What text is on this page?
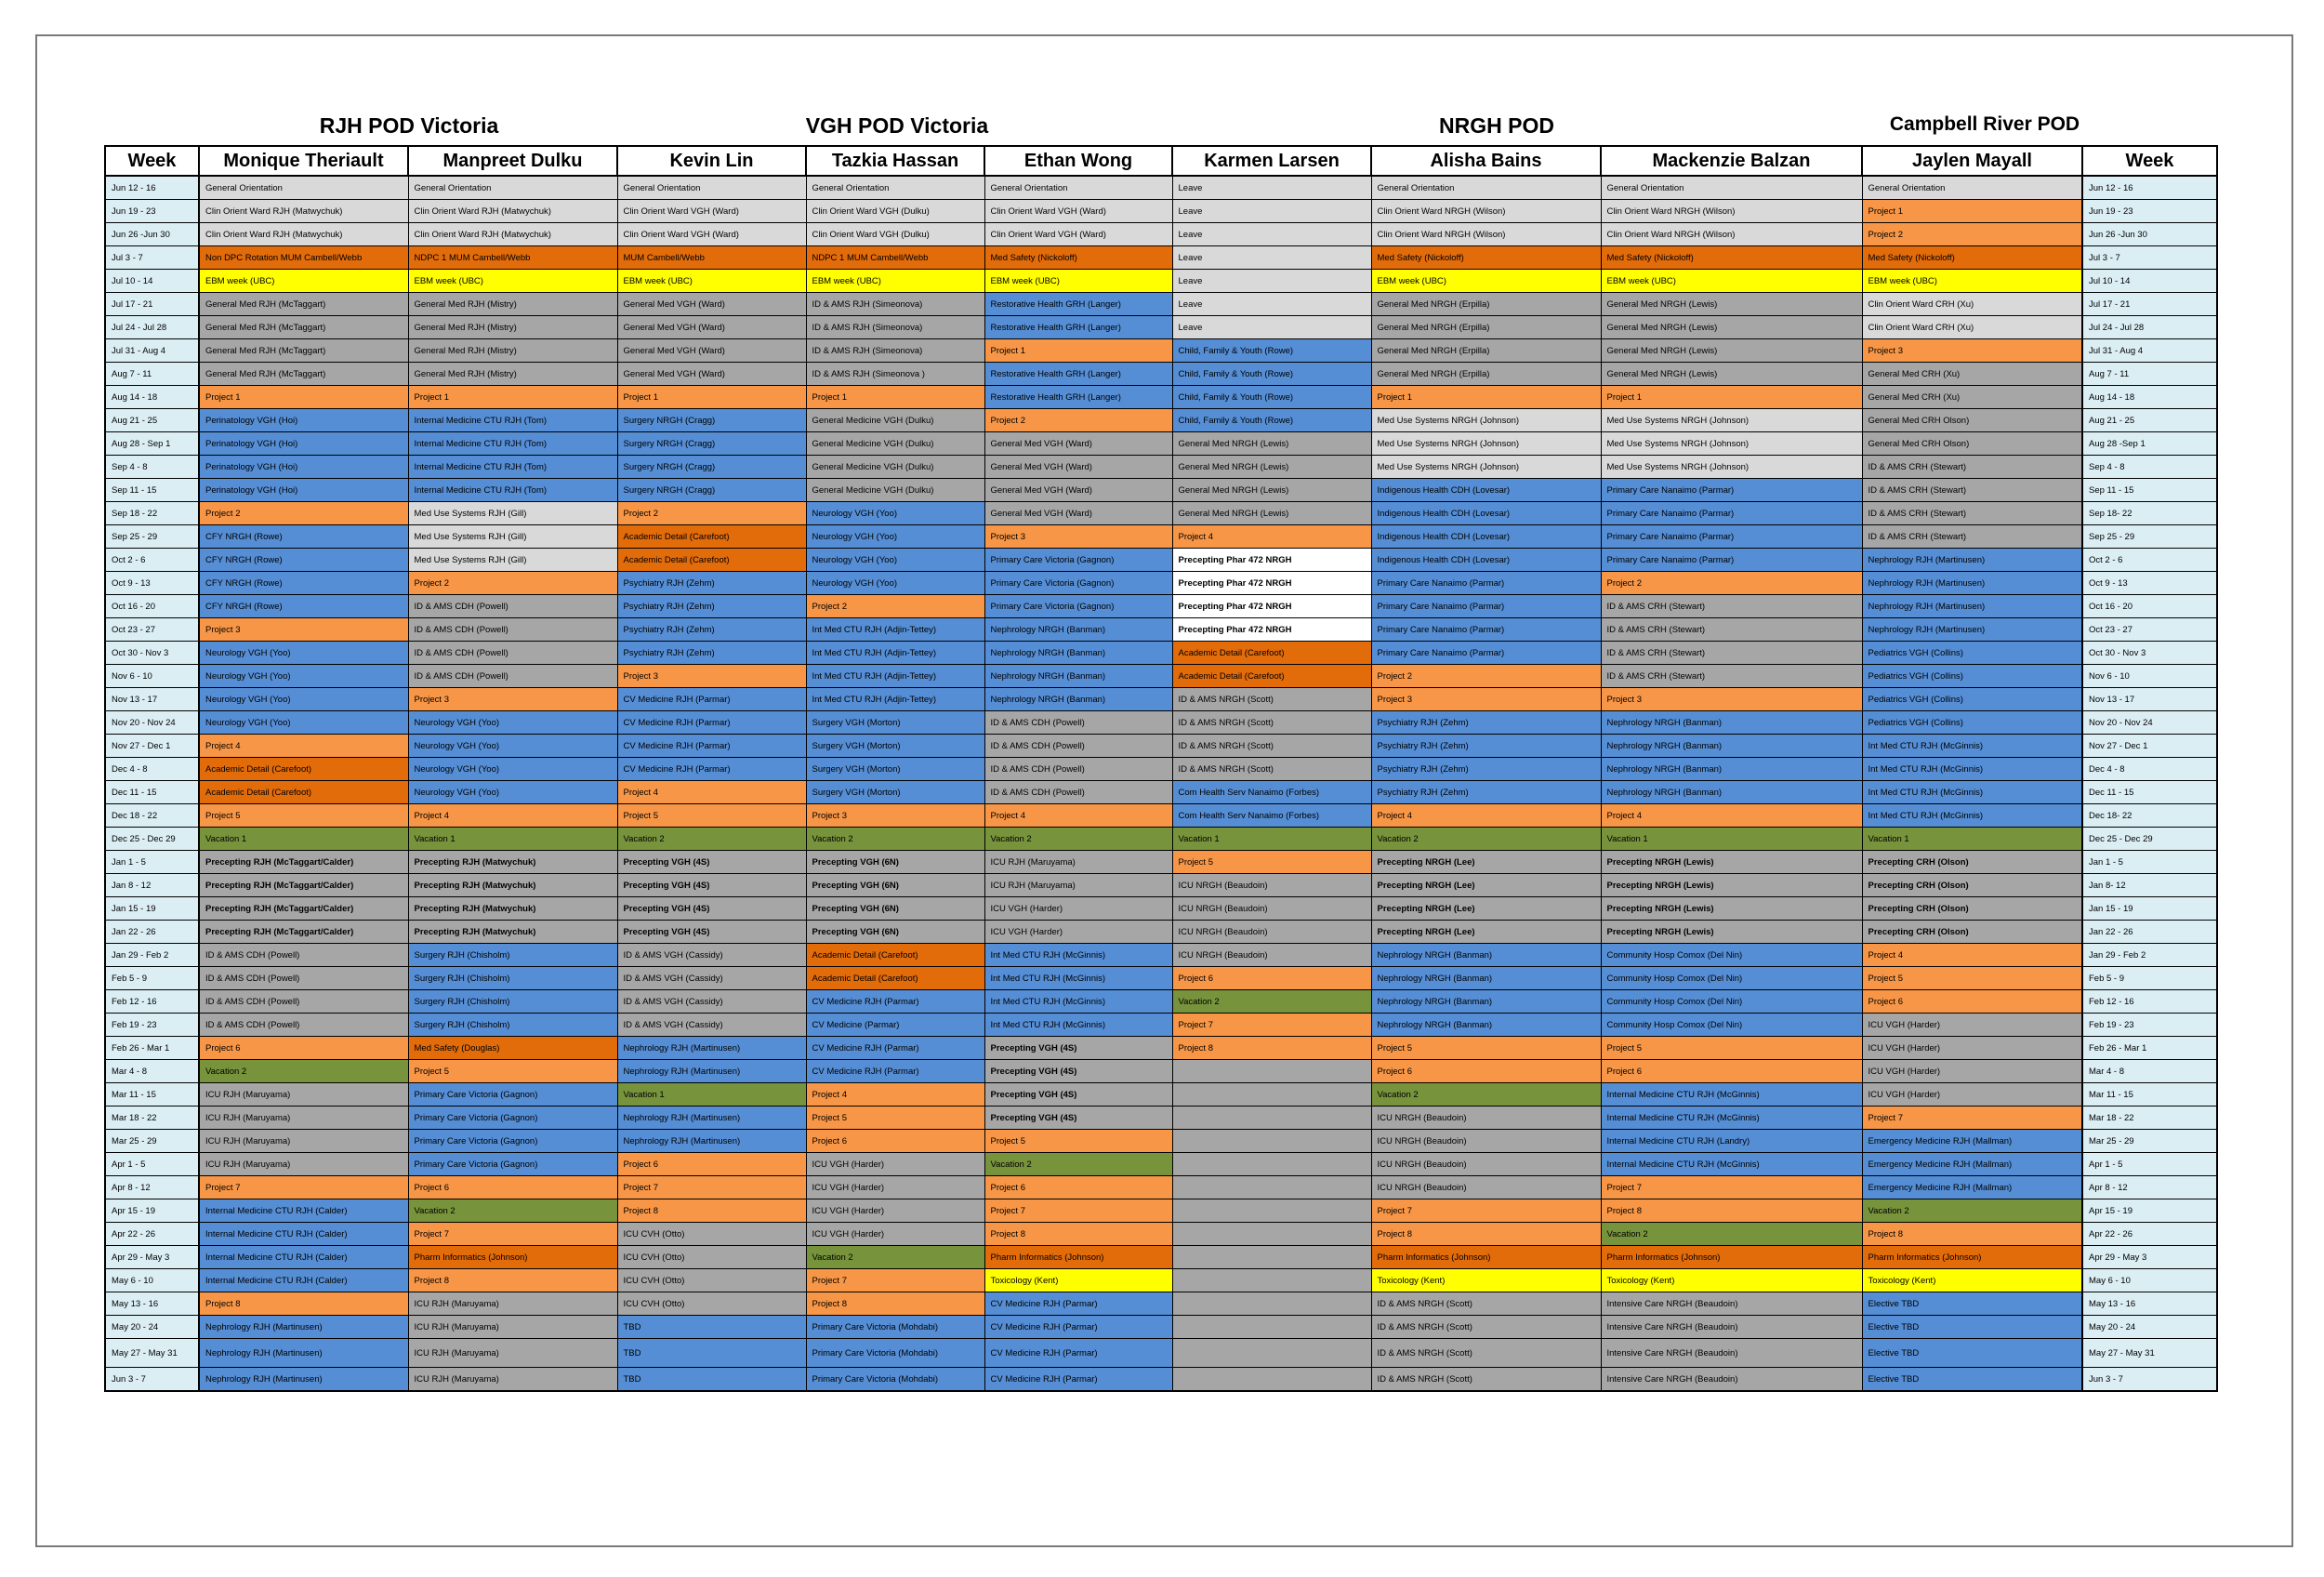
RJH POD Victoria	VGH POD Victoria	NRGH POD	Campbell River POD
Week	Monique Theriault	Manpreet Dulku	Kevin Lin	Tazkia Hassan	Ethan Wong	Karmen Larsen	Alisha Bains	Mackenzie Balzan	Jaylen Mayall	Week
Jun 12 - 16	General Orientation	General Orientation	General Orientation	General Orientation	General Orientation	Leave	General Orientation	General Orientation	General Orientation	Jun 12 - 16
Jun 19 - 23	Clin Orient Ward RJH (Matwychuk)	Clin Orient Ward RJH (Matwychuk)	Clin Orient Ward VGH (Ward)	Clin Orient Ward VGH (Dulku)	Clin Orient Ward VGH (Ward)	Leave	Clin Orient Ward NRGH (Wilson)	Clin Orient Ward NRGH (Wilson)	Project 1	Jun 19 - 23
Jun 26 -Jun 30	Clin Orient Ward RJH (Matwychuk)	Clin Orient Ward RJH (Matwychuk)	Clin Orient Ward VGH (Ward)	Clin Orient Ward VGH (Dulku)	Clin Orient Ward VGH (Ward)	Leave	Clin Orient Ward NRGH (Wilson)	Clin Orient Ward NRGH (Wilson)	Project 2	Jun 26 -Jun 30
Jul 3 - 7	Non DPC Rotation MUM Cambell/Webb	NDPC 1 MUM Cambell/Webb	MUM Cambell/Webb	NDPC 1 MUM Cambell/Webb	Med Safety (Nickoloff)	Leave	Med Safety (Nickoloff)	Med Safety (Nickoloff)	Med Safety (Nickoloff)	Jul 3 - 7
Jul 10 - 14	EBM week (UBC)	EBM week (UBC)	EBM week (UBC)	EBM week (UBC)	EBM week (UBC)	Leave	EBM week (UBC)	EBM week (UBC)	EBM week (UBC)	Jul 10 - 14
Jul 17 - 21	General Med RJH (McTaggart)	General Med RJH (Mistry)	General Med VGH (Ward)	ID & AMS RJH (Simeonova)	Restorative Health GRH (Langer)	Leave	General Med NRGH (Erpilla)	General Med NRGH (Lewis)	Clin Orient Ward CRH (Xu)	Jul 17 - 21
Jul 24 - Jul 28	General Med RJH (McTaggart)	General Med RJH (Mistry)	General Med VGH (Ward)	ID & AMS RJH (Simeonova)	Restorative Health GRH (Langer)	Leave	General Med NRGH (Erpilla)	General Med NRGH (Lewis)	Clin Orient Ward CRH (Xu)	Jul 24 - Jul 28
Jul 31 - Aug 4	General Med RJH (McTaggart)	General Med RJH (Mistry)	General Med VGH (Ward)	ID & AMS RJH (Simeonova)	Project 1	Child, Family & Youth (Rowe)	General Med NRGH (Erpilla)	General Med NRGH (Lewis)	Project 3	Jul 31 - Aug 4
Aug 7 - 11	General Med RJH (McTaggart)	General Med RJH (Mistry)	General Med VGH (Ward)	ID & AMS RJH (Simeonova )	Restorative Health GRH (Langer)	Child, Family & Youth (Rowe)	General Med NRGH (Erpilla)	General Med NRGH (Lewis)	General Med CRH (Xu)	Aug 7 - 11
Aug 14 - 18	Project 1	Project 1	Project 1	Project 1	Restorative Health GRH (Langer)	Child, Family & Youth (Rowe)	Project 1	Project 1	General Med CRH (Xu)	Aug 14 - 18
Aug 21 - 25	Perinatology VGH (Hoi)	Internal Medicine CTU RJH (Tom)	Surgery NRGH (Cragg)	General Medicine VGH (Dulku)	Project 2	Child, Family & Youth (Rowe)	Med Use Systems NRGH (Johnson)	Med Use Systems NRGH (Johnson)	General Med CRH Olson)	Aug 21 - 25
Aug 28 - Sep 1	Perinatology VGH (Hoi)	Internal Medicine CTU RJH (Tom)	Surgery NRGH (Cragg)	General Medicine VGH (Dulku)	General Med VGH (Ward)	General Med NRGH (Lewis)	Med Use Systems NRGH (Johnson)	Med Use Systems NRGH (Johnson)	General Med CRH Olson)	Aug 28 -Sep 1
Sep 4 - 8	Perinatology VGH (Hoi)	Internal Medicine CTU RJH (Tom)	Surgery NRGH (Cragg)	General Medicine VGH (Dulku)	General Med VGH (Ward)	General Med NRGH (Lewis)	Med Use Systems NRGH (Johnson)	Med Use Systems NRGH (Johnson)	ID & AMS CRH (Stewart)	Sep 4 - 8
Sep 11 - 15	Perinatology VGH (Hoi)	Internal Medicine CTU RJH (Tom)	Surgery NRGH (Cragg)	General Medicine VGH (Dulku)	General Med VGH (Ward)	General Med NRGH (Lewis)	Indigenous Health CDH (Lovesar)	Primary Care Nanaimo (Parmar)	ID & AMS CRH (Stewart)	Sep 11 - 15
Sep 18 - 22	Project 2	Med Use Systems RJH (Gill)	Project 2	Neurology VGH (Yoo)	General Med VGH (Ward)	General Med NRGH (Lewis)	Indigenous Health CDH (Lovesar)	Primary Care Nanaimo (Parmar)	ID & AMS CRH (Stewart)	Sep 18- 22
Sep 25 - 29	CFY NRGH (Rowe)	Med Use Systems RJH (Gill)	Academic Detail (Carefoot)	Neurology VGH (Yoo)	Project 3	Project 4	Indigenous Health CDH (Lovesar)	Primary Care Nanaimo (Parmar)	ID & AMS CRH (Stewart)	Sep 25 - 29
Oct 2 - 6	CFY NRGH (Rowe)	Med Use Systems RJH (Gill)	Academic Detail (Carefoot)	Neurology VGH (Yoo)	Primary Care Victoria (Gagnon)	Precepting Phar 472 NRGH	Indigenous Health CDH (Lovesar)	Primary Care Nanaimo (Parmar)	Nephrology RJH (Martinusen)	Oct 2 - 6
Oct 9 - 13	CFY NRGH (Rowe)	Project 2	Psychiatry RJH (Zehm)	Neurology VGH (Yoo)	Primary Care Victoria (Gagnon)	Precepting Phar 472 NRGH	Primary Care Nanaimo (Parmar)	Project 2	Nephrology RJH (Martinusen)	Oct 9 - 13
Oct 16 - 20	CFY NRGH (Rowe)	ID & AMS CDH (Powell)	Psychiatry RJH (Zehm)	Project 2	Primary Care Victoria (Gagnon)	Precepting Phar 472 NRGH	Primary Care Nanaimo (Parmar)	ID & AMS CRH (Stewart)	Nephrology RJH (Martinusen)	Oct 16 - 20
Oct 23 - 27	Project 3	ID & AMS CDH (Powell)	Psychiatry RJH (Zehm)	Int Med CTU RJH (Adjin-Tettey)	Nephrology NRGH (Banman)	Precepting Phar 472 NRGH	Primary Care Nanaimo (Parmar)	ID & AMS CRH (Stewart)	Nephrology RJH (Martinusen)	Oct 23 - 27
Oct 30 - Nov 3	Neurology VGH (Yoo)	ID & AMS CDH (Powell)	Psychiatry RJH (Zehm)	Int Med CTU RJH (Adjin-Tettey)	Nephrology NRGH (Banman)	Academic Detail (Carefoot)	Primary Care Nanaimo (Parmar)	ID & AMS CRH (Stewart)	Pediatrics VGH (Collins)	Oct 30 - Nov 3
Nov 6 - 10	Neurology VGH (Yoo)	ID & AMS CDH (Powell)	Project 3	Int Med CTU RJH (Adjin-Tettey)	Nephrology NRGH (Banman)	Academic Detail (Carefoot)	Project 2	ID & AMS CRH (Stewart)	Pediatrics VGH (Collins)	Nov 6 - 10
Nov 13 - 17	Neurology VGH (Yoo)	Project 3	CV Medicine RJH (Parmar)	Int Med CTU RJH (Adjin-Tettey)	Nephrology NRGH (Banman)	ID & AMS NRGH (Scott)	Project 3	Project 3	Pediatrics VGH (Collins)	Nov 13 - 17
Nov 20 - Nov 24	Neurology VGH (Yoo)	Neurology VGH (Yoo)	CV Medicine RJH (Parmar)	Surgery VGH (Morton)	ID & AMS CDH (Powell)	ID & AMS NRGH (Scott)	Psychiatry RJH (Zehm)	Nephrology NRGH (Banman)	Pediatrics VGH (Collins)	Nov 20 - Nov 24
Nov 27 - Dec 1	Project 4	Neurology VGH (Yoo)	CV Medicine RJH (Parmar)	Surgery VGH (Morton)	ID & AMS CDH (Powell)	ID & AMS NRGH (Scott)	Psychiatry RJH (Zehm)	Nephrology NRGH (Banman)	Int Med CTU RJH (McGinnis)	Nov 27 - Dec 1
Dec 4 - 8	Academic Detail (Carefoot)	Neurology VGH (Yoo)	CV Medicine RJH (Parmar)	Surgery VGH (Morton)	ID & AMS CDH (Powell)	ID & AMS NRGH (Scott)	Psychiatry RJH (Zehm)	Nephrology NRGH (Banman)	Int Med CTU RJH (McGinnis)	Dec 4 - 8
Dec 11 - 15	Academic Detail (Carefoot)	Neurology VGH (Yoo)	Project 4	Surgery VGH (Morton)	ID & AMS CDH (Powell)	Com Health Serv Nanaimo (Forbes)	Psychiatry RJH (Zehm)	Nephrology NRGH (Banman)	Int Med CTU RJH (McGinnis)	Dec 11 - 15
Dec 18 - 22	Project 5	Project 4	Project 5	Project 3	Project 4	Com Health Serv Nanaimo (Forbes)	Project 4	Project 4	Int Med CTU RJH (McGinnis)	Dec 18- 22
Dec 25 - Dec 29	Vacation 1	Vacation 1	Vacation 2	Vacation 2	Vacation 2	Vacation 1	Vacation 2	Vacation 1	Vacation 1	Dec 25 - Dec 29
Jan 1 - 5	Precepting RJH (McTaggart/Calder)	Precepting RJH (Matwychuk)	Precepting VGH (4S)	Precepting VGH (6N)	ICU RJH (Maruyama)	Project 5	Precepting NRGH (Lee)	Precepting NRGH (Lewis)	Precepting CRH (Olson)	Jan 1 - 5
Jan 8 - 12	Precepting RJH (McTaggart/Calder)	Precepting RJH (Matwychuk)	Precepting VGH (4S)	Precepting VGH (6N)	ICU RJH (Maruyama)	ICU NRGH (Beaudoin)	Precepting NRGH (Lee)	Precepting NRGH (Lewis)	Precepting CRH (Olson)	Jan 8- 12
Jan 15 - 19	Precepting RJH (McTaggart/Calder)	Precepting RJH (Matwychuk)	Precepting VGH (4S)	Precepting VGH (6N)	ICU VGH (Harder)	ICU NRGH (Beaudoin)	Precepting NRGH (Lee)	Precepting NRGH (Lewis)	Precepting CRH (Olson)	Jan 15 - 19
Jan 22 - 26	Precepting RJH (McTaggart/Calder)	Precepting RJH (Matwychuk)	Precepting VGH (4S)	Precepting VGH (6N)	ICU VGH (Harder)	ICU NRGH (Beaudoin)	Precepting NRGH (Lee)	Precepting NRGH (Lewis)	Precepting CRH (Olson)	Jan 22 - 26
Jan 29 - Feb 2	ID & AMS CDH (Powell)	Surgery RJH (Chisholm)	ID & AMS VGH (Cassidy)	Academic Detail (Carefoot)	Int Med CTU RJH (McGinnis)	ICU NRGH (Beaudoin)	Nephrology NRGH (Banman)	Community Hosp Comox (Del Nin)	Project 4	Jan 29 - Feb 2
Feb 5 - 9	ID & AMS CDH (Powell)	Surgery RJH (Chisholm)	ID & AMS VGH (Cassidy)	Academic Detail (Carefoot)	Int Med CTU RJH (McGinnis)	Project 6	Nephrology NRGH (Banman)	Community Hosp Comox (Del Nin)	Project 5	Feb 5 - 9
Feb 12 - 16	ID & AMS CDH (Powell)	Surgery RJH (Chisholm)	ID & AMS VGH (Cassidy)	CV Medicine RJH (Parmar)	Int Med CTU RJH (McGinnis)	Vacation 2	Nephrology NRGH (Banman)	Community Hosp Comox (Del Nin)	Project 6	Feb 12 - 16
Feb 19 - 23	ID & AMS CDH (Powell)	Surgery RJH (Chisholm)	ID & AMS VGH (Cassidy)	CV Medicine (Parmar)	Int Med CTU RJH (McGinnis)	Project 7	Nephrology NRGH (Banman)	Community Hosp Comox (Del Nin)	ICU VGH (Harder)	Feb 19 - 23
Feb 26 - Mar 1	Project 6	Med Safety (Douglas)	Nephrology RJH (Martinusen)	CV Medicine RJH (Parmar)	Precepting VGH (4S)	Project 8	Project 5	Project 5	ICU VGH (Harder)	Feb 26 - Mar 1
Mar 4 - 8	Vacation 2	Project 5	Nephrology RJH (Martinusen)	CV Medicine RJH (Parmar)	Precepting VGH (4S)		Project 6	Project 6	ICU VGH (Harder)	Mar 4 - 8
Mar 11 - 15	ICU RJH (Maruyama)	Primary Care Victoria (Gagnon)	Vacation 1	Project 4	Precepting VGH (4S)		Vacation 2	Internal Medicine CTU RJH (McGinnis)	ICU VGH (Harder)	Mar 11 - 15
Mar 18 - 22	ICU RJH (Maruyama)	Primary Care Victoria (Gagnon)	Nephrology RJH (Martinusen)	Project 5	Precepting VGH (4S)		ICU NRGH (Beaudoin)	Internal Medicine CTU RJH (McGinnis)	Project 7	Mar 18 - 22
Mar 25 - 29	ICU RJH (Maruyama)	Primary Care Victoria (Gagnon)	Nephrology RJH (Martinusen)	Project 6	Project 5		ICU NRGH (Beaudoin)	Internal Medicine CTU RJH (Landry)	Emergency Medicine RJH (Mallman)	Mar 25 - 29
Apr 1 - 5	ICU RJH (Maruyama)	Primary Care Victoria (Gagnon)	Project 6	ICU VGH (Harder)	Vacation 2		ICU NRGH (Beaudoin)	Internal Medicine CTU RJH (McGinnis)	Emergency Medicine RJH (Mallman)	Apr 1 - 5
Apr 8 - 12	Project 7	Project 6	Project 7	ICU VGH (Harder)	Project 6		ICU NRGH (Beaudoin)	Project 7	Emergency Medicine RJH (Mallman)	Apr 8 - 12
Apr 15 - 19	Internal Medicine CTU RJH (Calder)	Vacation 2	Project 8	ICU VGH (Harder)	Project 7		Project 7	Project 8	Vacation 2	Apr 15 - 19
Apr 22 - 26	Internal Medicine CTU RJH (Calder)	Project 7	ICU CVH (Otto)	ICU VGH (Harder)	Project 8		Project 8	Vacation 2	Project 8	Apr 22 - 26
Apr 29 - May 3	Internal Medicine CTU RJH (Calder)	Pharm Informatics (Johnson)	ICU CVH (Otto)	Vacation 2	Pharm Informatics (Johnson)		Pharm Informatics (Johnson)	Pharm Informatics (Johnson)	Pharm Informatics (Johnson)	Apr 29 - May 3
May 6 - 10	Internal Medicine CTU RJH (Calder)	Project 8	ICU CVH (Otto)	Project 7	Toxicology (Kent)		Toxicology (Kent)	Toxicology (Kent)	Toxicology (Kent)	May 6 - 10
May 13 - 16	Project 8	ICU RJH (Maruyama)	ICU CVH (Otto)	Project 8	CV Medicine RJH (Parmar)		ID & AMS NRGH (Scott)	Intensive Care NRGH (Beaudoin)	Elective TBD	May 13 - 16
May 20 - 24	Nephrology RJH (Martinusen)	ICU RJH (Maruyama)	TBD	Primary Care Victoria (Mohdabi)	CV Medicine RJH (Parmar)		ID & AMS NRGH (Scott)	Intensive Care NRGH (Beaudoin)	Elective TBD	May 20 - 24
May 27 - May 31	Nephrology RJH (Martinusen)	ICU RJH (Maruyama)	TBD	Primary Care Victoria (Mohdabi)	CV Medicine RJH (Parmar)		ID & AMS NRGH (Scott)	Intensive Care NRGH (Beaudoin)	Elective TBD	May 27 - May 31
Jun 3 - 7	Nephrology RJH (Martinusen)	ICU RJH (Maruyama)	TBD	Primary Care Victoria (Mohdabi)	CV Medicine RJH (Parmar)		ID & AMS NRGH (Scott)	Intensive Care NRGH (Beaudoin)	Elective TBD	Jun 3 - 7
